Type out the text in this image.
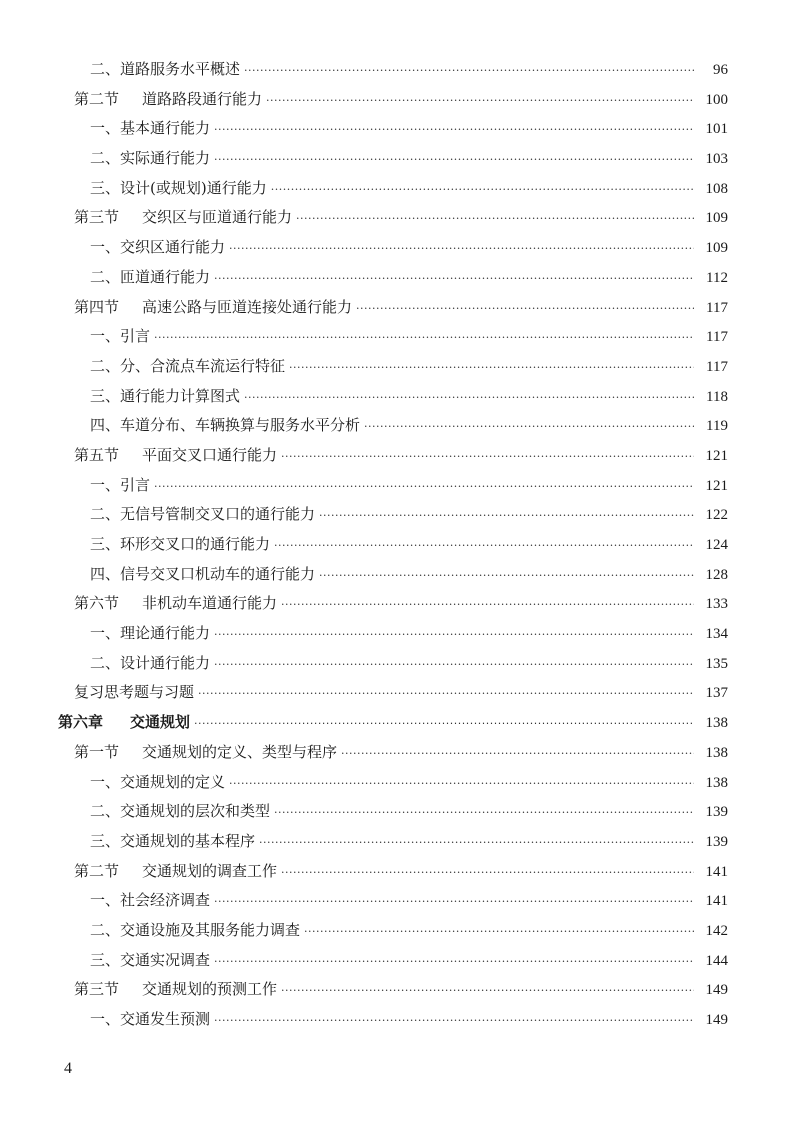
二、道路服务水平概述 ·····	96
第二节	道路路段通行能力 ·····	100
一、基本通行能力 ·····	101
二、实际通行能力 ·····	103
三、设计(或规划)通行能力 ·····	108
第三节	交织区与匝道通行能力 ·····	109
一、交织区通行能力 ·····	109
二、匝道通行能力 ·····	112
第四节	高速公路与匝道连接处通行能力 ·····	117
一、引言 ·····	117
二、分、合流点车流运行特征 ·····	117
三、通行能力计算图式 ·····	118
四、车道分布、车辆换算与服务水平分析 ·····	119
第五节	平面交叉口通行能力 ·····	121
一、引言 ·····	121
二、无信号管制交叉口的通行能力 ·····	122
三、环形交叉口的通行能力 ·····	124
四、信号交叉口机动车的通行能力 ·····	128
第六节	非机动车道通行能力 ·····	133
一、理论通行能力 ·····	134
二、设计通行能力 ·····	135
复习思考题与习题 ·····	137
第六章	交通规划 ·····	138
第一节	交通规划的定义、类型与程序 ·····	138
一、交通规划的定义 ·····	138
二、交通规划的层次和类型 ·····	139
三、交通规划的基本程序 ·····	139
第二节	交通规划的调查工作 ·····	141
一、社会经济调查 ·····	141
二、交通设施及其服务能力调查 ·····	142
三、交通实况调查 ·····	144
第三节	交通规划的预测工作 ·····	149
一、交通发生预测 ·····	149
4
